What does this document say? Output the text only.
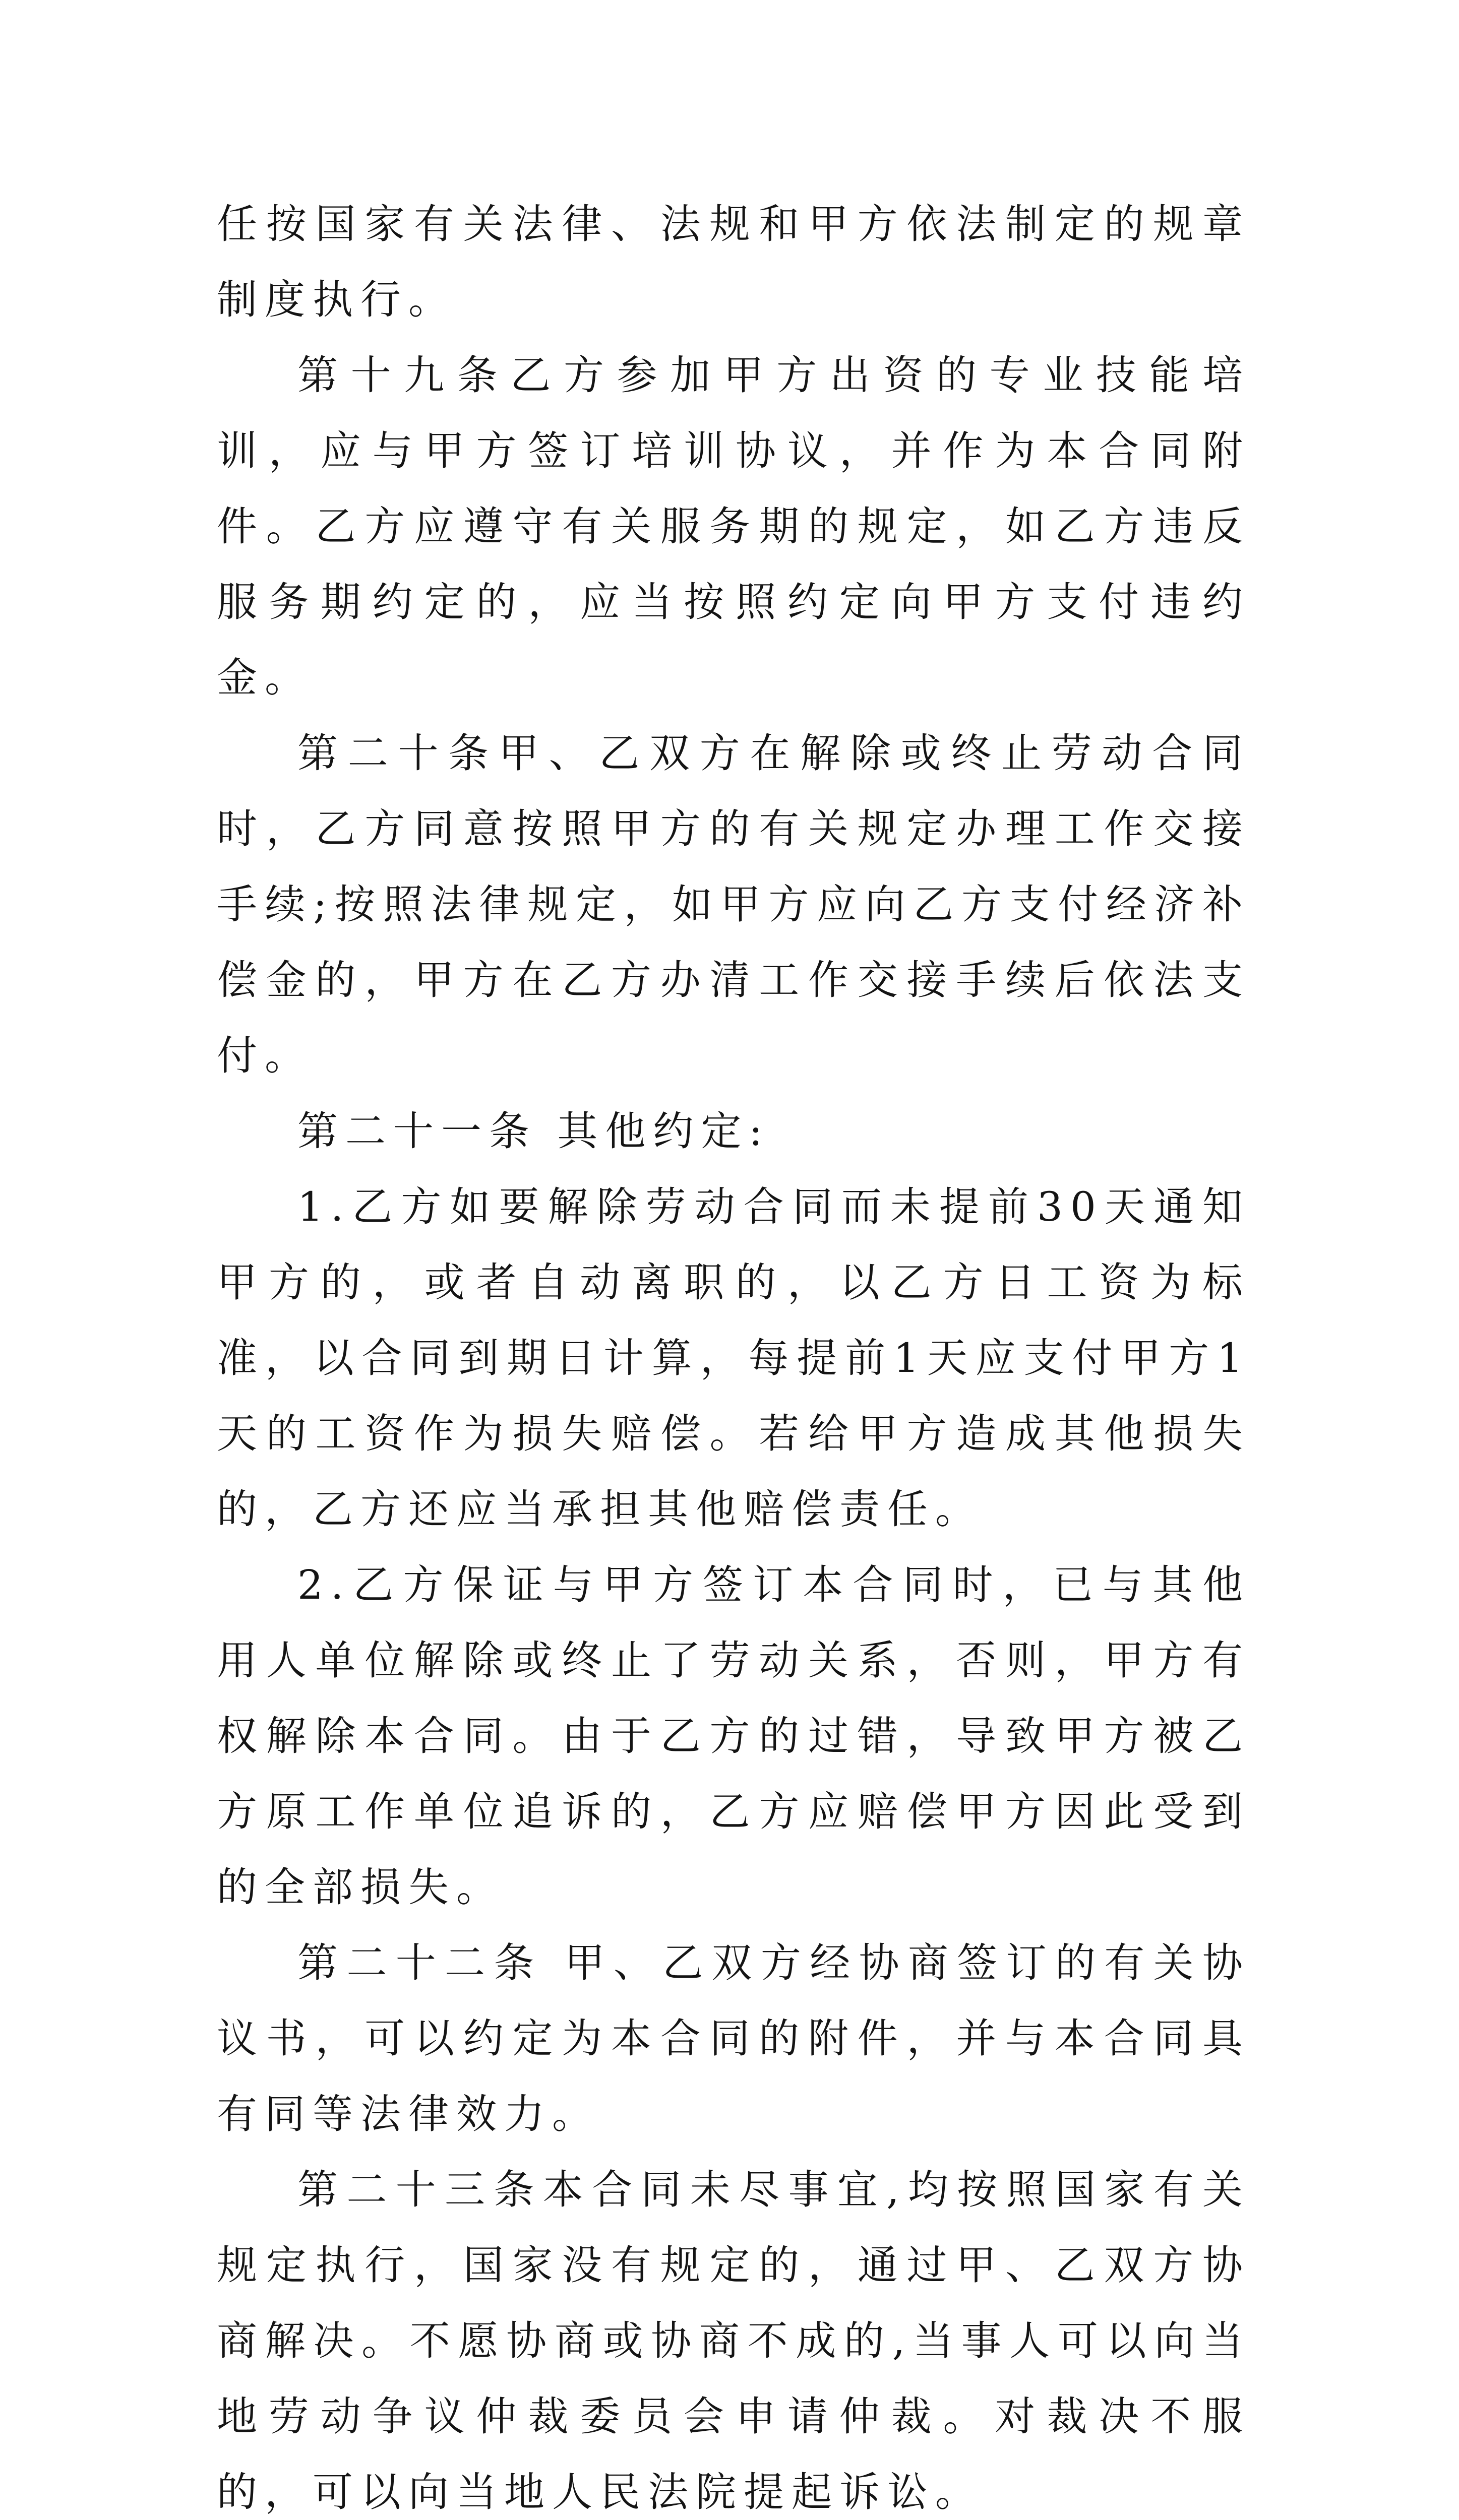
任按国家有关法律、法规和甲方依法制定的规章制度执行。

第十九条乙方参加甲方出资的专业技能培训，应与甲方签订培训协议，并作为本合同附件。乙方应遵守有关服务期的规定，如乙方违反服务期约定的，应当按照约定向甲方支付违约金。

第二十条甲、乙双方在解除或终止劳动合同时，乙方同意按照甲方的有关规定办理工作交接手续;按照法律规定，如甲方应向乙方支付经济补偿金的，甲方在乙方办清工作交接手续后依法支付。

第二十一条 其他约定:

1.乙方如要解除劳动合同而未提前30天通知甲方的，或者自动离职的，以乙方日工资为标准，以合同到期日计算，每提前1天应支付甲方1天的工资作为损失赔偿。若给甲方造成其他损失的，乙方还应当承担其他赔偿责任。

2.乙方保证与甲方签订本合同时，已与其他用人单位解除或终止了劳动关系，否则，甲方有权解除本合同。由于乙方的过错，导致甲方被乙方原工作单位追诉的，乙方应赔偿甲方因此受到的全部损失。

第二十二条 甲、乙双方经协商签订的有关协议书，可以约定为本合同的附件，并与本合同具有同等法律效力。

第二十三条本合同未尽事宜,均按照国家有关规定执行，国家没有规定的，通过甲、乙双方协商解决。不愿协商或协商不成的,当事人可以向当地劳动争议仲裁委员会申请仲裁。对裁决不服的，可以向当地人民法院提起诉讼。
